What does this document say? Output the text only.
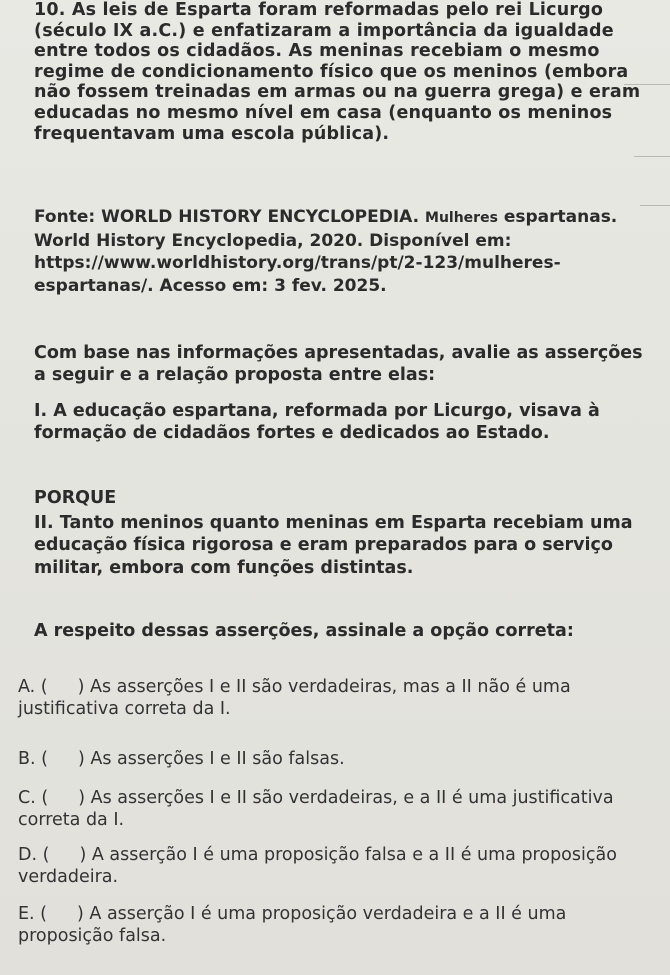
10. As leis de Esparta foram reformadas pelo rei Licurgo (século IX a.C.) e enfatizaram a importância da igualdade entre todos os cidadãos. As meninas recebiam o mesmo regime de condicionamento físico que os meninos (embora não fossem treinadas em armas ou na guerra grega) e eram educadas no mesmo nível em casa (enquanto os meninos frequentavam uma escola pública).
Fonte: WORLD HISTORY ENCYCLOPEDIA. Mulheres espartanas. World History Encyclopedia, 2020. Disponível em: https://www.worldhistory.org/trans/pt/2-123/mulheres-espartanas/. Acesso em: 3 fev. 2025.
Com base nas informações apresentadas, avalie as asserções a seguir e a relação proposta entre elas:
I. A educação espartana, reformada por Licurgo, visava à formação de cidadãos fortes e dedicados ao Estado.
PORQUE
II. Tanto meninos quanto meninas em Esparta recebiam uma educação física rigorosa e eram preparados para o serviço militar, embora com funções distintas.
A respeito dessas asserções, assinale a opção correta:
A. ( ) As asserções I e II são verdadeiras, mas a II não é uma justificativa correta da I.
B. ( ) As asserções I e II são falsas.
C. ( ) As asserções I e II são verdadeiras, e a II é uma justificativa correta da I.
D. ( ) A asserção I é uma proposição falsa e a II é uma proposição verdadeira.
E. ( ) A asserção I é uma proposição verdadeira e a II é uma proposição falsa.
